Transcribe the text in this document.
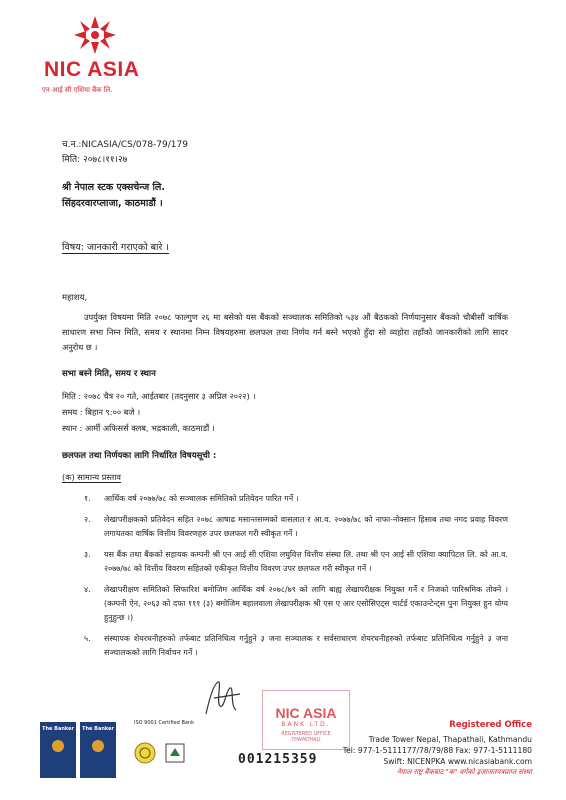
NIC ASIA
एन आई सी एशिया बैंक लि.
च.न.:NICASIA/CS/078-79/179
मिति: २०७८।११।२७
श्री नेपाल स्टक एक्सचेन्ज लि.
सिंहदरवारप्लाजा, काठमाडौं ।
विषय: जानकारी गराएको बारे ।
महाशय,
उपर्युक्त विषयमा मिति २०७८ फाल्गुण २६ मा बसेको यस बैंकको सञ्चालक समितिको ५३४ औं बैठकको निर्णयानुसार बैंकको चौबीसौं वार्षिक साधारण सभा निम्न मिति, समय र स्थानमा निम्न विषयहरुमा छलफल तथा निर्णय गर्न बस्ने भएको हुँदा सो व्यहोरा तहाँको जानकारीको लागि सादर अनुरोध छ ।
सभा बस्ने मिति, समय र स्थान
मिति : २०७८ चैत्र २० गते, आईतबार (तदनुसार ३ अप्रिल २०२२) ।
समय : बिहान ९:०० बजे ।
स्थान : आर्मी अफिसर्स क्लब, भद्रकाली, काठमाडौं ।
छलफल तथा निर्णयका लागि निर्धारित विषयसूची :
(क) सामान्य प्रस्ताव
१.	आर्थिक वर्ष २०७७/७८ को सञ्चालक समितिको प्रतिवेदन पारित गर्ने ।
२.	लेखापरीक्षकको प्रतिवेदन सहित २०७८ आषाढ मसान्तसम्मको वासलात र आ.व. २०७७/७८ को नाफा-नोक्सान हिसाब तथा नगद प्रवाह विवरण लगायतका वार्षिक वित्तीय विवरणहरु उपर छलफल गरी स्वीकृत गर्ने ।
३.	यस बैंक तथा बैंकको सहायक कम्पनी श्री एन आई सी एशिया लघुवित्त वित्तीय संस्था लि. तथा श्री एन आई सी एशिया क्यापिटल लि. को आ.व. २०७७/७८ को वित्तीय विवरण सहितको एकीकृत वित्तीय विवरण उपर छलफल गरी स्वीकृत गर्ने ।
४.	लेखापरीक्षण समितिको सिफारिश बमोजिम आर्थिक वर्ष २०७८/७९ को लागि बाह्य लेखापरीक्षक नियुक्त गर्ने र निजको पारिश्रमिक तोक्ने । (कम्पनी ऐन, २०६३ को दफा १११ (३) बमोजिम बहालवाला लेखापरीक्षक श्री एस ए आर एसोसिएट्स चार्टर्ड एकाउन्टेन्ट्स पुनः नियुक्त हुन योग्य हुनुहुन्छ ।)
५.	संस्थापक शेयरधनीहरुको तर्फबाट प्रतिनिधित्व गर्नुहुने ३ जना सञ्चालक र सर्वसाधारण शेयरधनीहरुको तर्फबाट प्रतिनिधित्व गर्नुहुने ३ जना सञ्चालकको लागि निर्वाचन गर्ने ।
NIC ASIA
BANK LTD.
REGISTERED OFFICE
THAPATHALI
001215359
The Banker	The Banker
ISO 9001 Certified Bank	Registered Office
Trade Tower Nepal, Thapathali, Kathmandu
Tel: 977-1-5111177/78/79/88 Fax: 977-1-5111180
Swift: NICENPKA www.nicasiabank.com
नेपाल राष्ट्र बैंकबाट "क" वर्गको इजाजतपत्रप्राप्त संस्था
